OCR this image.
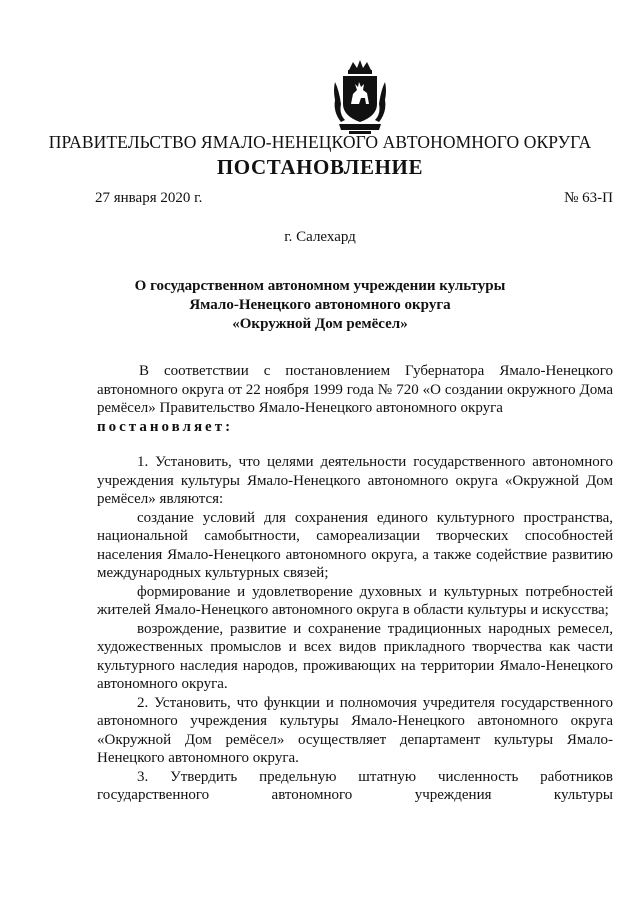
ПРАВИТЕЛЬСТВО ЯМАЛО-НЕНЕЦКОГО АВТОНОМНОГО ОКРУГА
ПОСТАНОВЛЕНИЕ
27 января 2020 г.	№ 63-П
г. Салехард
О государственном автономном учреждении культуры
Ямало-Ненецкого автономного округа
«Окружной Дом ремёсел»
В соответствии с постановлением Губернатора Ямало-Ненецкого автономного округа от 22 ноября 1999 года № 720 «О создании окружного Дома ремёсел» Правительство Ямало-Ненецкого автономного округа
постановляет:
1. Установить, что целями деятельности государственного автономного учреждения культуры Ямало-Ненецкого автономного округа «Окружной Дом ремёсел» являются:
создание условий для сохранения единого культурного пространства, национальной самобытности, самореализации творческих способностей населения Ямало-Ненецкого автономного округа, а также содействие развитию международных культурных связей;
формирование и удовлетворение духовных и культурных потребностей жителей Ямало-Ненецкого автономного округа в области культуры и искусства;
возрождение, развитие и сохранение традиционных народных ремесел, художественных промыслов и всех видов прикладного творчества как части культурного наследия народов, проживающих на территории Ямало-Ненецкого автономного округа.
2. Установить, что функции и полномочия учредителя государственного автономного учреждения культуры Ямало-Ненецкого автономного округа «Окружной Дом ремёсел» осуществляет департамент культуры Ямало-Ненецкого автономного округа.
3. Утвердить предельную штатную численность работников государственного автономного учреждения культуры
